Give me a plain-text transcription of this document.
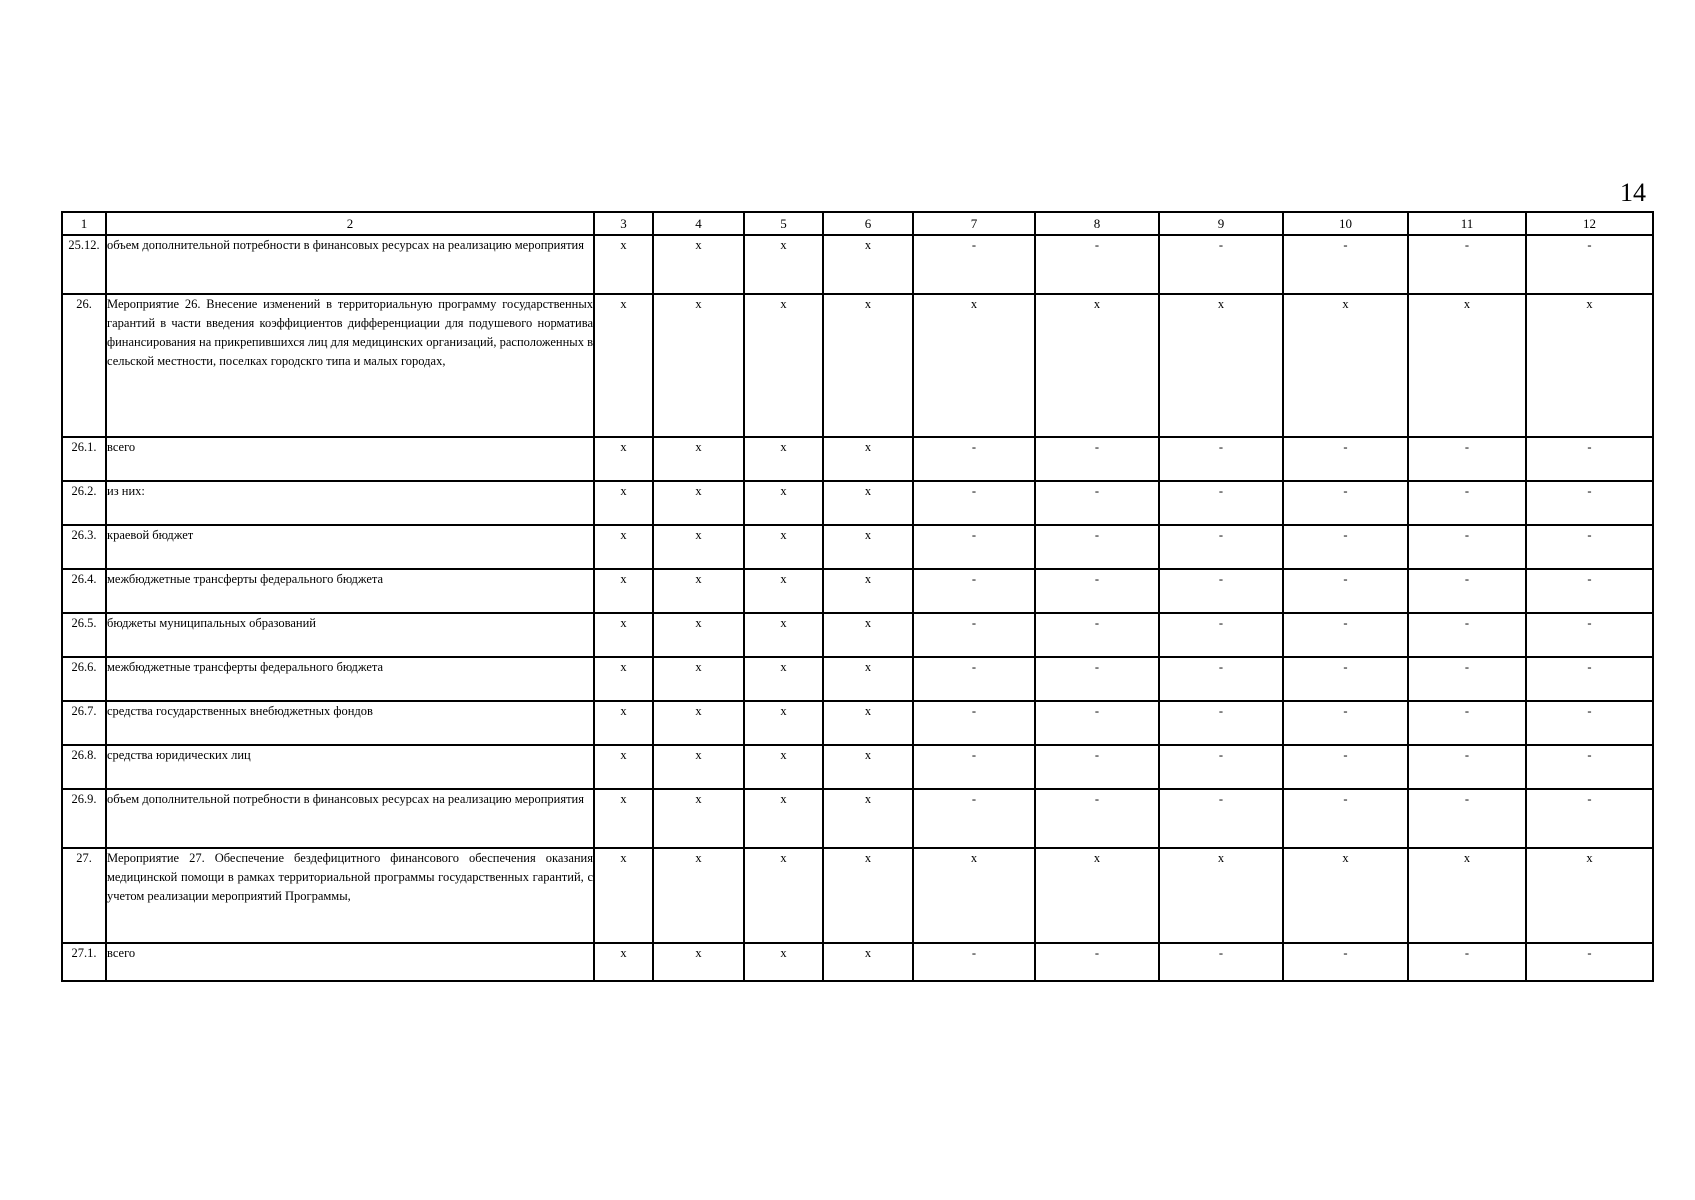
14
1	2	3	4	5	6	7	8	9	10	11	12
25.12.	объем дополнительной потребности в финансовых ресурсах на реализацию мероприятия	х	х	х	х	-	-	-	-	-	-
26.	Мероприятие 26. Внесение изменений в территориальную программу государственных гарантий в части введения коэффициентов дифференциации для подушевого норматива финансирования на прикрепившихся лиц для медицинских организаций, расположенных в сельской местности, поселках городскго типа и малых городах,	х	х	х	х	х	х	х	х	х	х
26.1.	всего	х	х	х	х	-	-	-	-	-	-
26.2.	из них:	х	х	х	х	-	-	-	-	-	-
26.3.	краевой бюджет	х	х	х	х	-	-	-	-	-	-
26.4.	межбюджетные трансферты федерального бюджета	х	х	х	х	-	-	-	-	-	-
26.5.	бюджеты муниципальных образований	х	х	х	х	-	-	-	-	-	-
26.6.	межбюджетные трансферты федерального бюджета	х	х	х	х	-	-	-	-	-	-
26.7.	средства государственных внебюджетных фондов	х	х	х	х	-	-	-	-	-	-
26.8.	средства юридических лиц	х	х	х	х	-	-	-	-	-	-
26.9.	объем дополнительной потребности в финансовых ресурсах на реализацию мероприятия	х	х	х	х	-	-	-	-	-	-
27.	Мероприятие 27. Обеспечение бездефицитного финансового обеспечения оказания медицинской помощи в рамках территориальной программы государственных гарантий, с учетом реализации мероприятий Программы,	х	х	х	х	х	х	х	х	х	х
27.1.	всего	х	х	х	х	-	-	-	-	-	-
